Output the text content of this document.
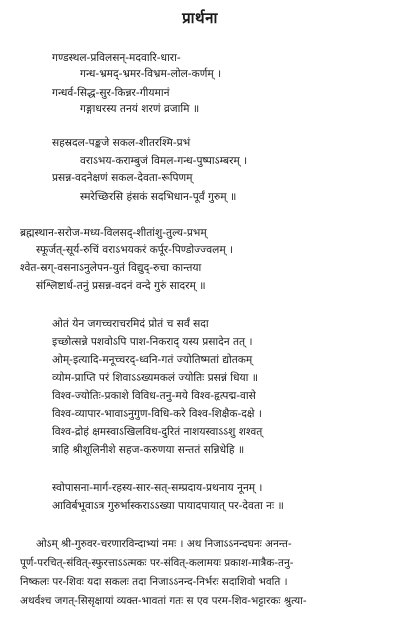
प्रार्थना
गण्डस्थल-प्रविलसन्-मदवारि-धारा-
गन्ध-भ्रमद्-भ्रमर-विभ्रम-लोल-कर्णम् ।
गन्धर्व-सिद्ध-सुर-किन्नर-गीयमानं
गङ्गाधरस्य तनयं शरणं व्रजामि ॥
सहस्रदल-पङ्कजे सकल-शीतरश्मि-प्रभं
वराऽभय-कराम्बुजं विमल-गन्ध-पुष्पाऽम्बरम् ।
प्रसन्न-वदनेक्षणं सकल-देवता-रूपिणम्
स्मरेच्छिरसि हंसकं सदभिधान-पूर्वं गुरुम् ॥
ब्रह्मस्थान-सरोज-मध्य-विलसद्-शीतांशु-तुल्य-प्रभम्
स्फूर्जत्-सूर्य-रुचिं वराऽभयकरं कर्पूर-पिण्डोज्ज्वलम् ।
श्वेत-स्रग्-वसनाऽनुलेपन-युतं विद्युद्-रुचा कान्तया
संश्लिष्टार्ध-तनुं प्रसन्न-वदनं वन्दे गुरुं सादरम् ॥
ओतं येन जगच्चराचरमिदं प्रोतं च सर्वं सदा
इच्छोत्सन्ने पशवोऽपि पाश-निकराद् यस्य प्रसादेन तत् ।
ओम्-इत्यादि-मनूच्चरद्-ध्वनि-गतं ज्योतिष्मतां द्योतकम्
व्योम-प्राप्ति परं शिवाऽऽख्यमकलं ज्योतिः प्रसन्नं धिया ॥
विश्व-ज्योतिः-प्रकाशे विविध-तनु-मये विश्व-हृत्पद्म-वासे
विश्व-व्यापार-भावाऽनुगुण-विधि-करे विश्व-शिक्षैक-दक्षे ।
विश्व-द्रोहं क्षमस्वाऽखिलविध-दुरितं नाशयस्वाऽऽशु शश्वत्
त्राहि श्रीशूलिनीशे सहज-करुणया सन्ततं सन्निधेहि ॥
स्वोपासना-मार्ग-रहस्य-सार-सत्-सम्प्रदाय-प्रथनाय नूनम् ।
आविर्बभूवाऽत्र गुरुर्भास्कराऽऽख्या पायादपायात् पर-देवता नः ॥
ओऽम् श्री-गुरुवर-चरणारविन्दाभ्यां नमः । अथ निजाऽऽनन्दघनः अनन्त-
पूर्ण-परचित्-संवित्-स्फुरत्ताऽऽत्मकः पर-संवित्-कलामयः प्रकाश-मात्रैक-तनु-
निष्कलः पर-शिवः यदा सकलः तदा निजाऽऽनन्द-निर्भरः सदाशिवो भवति ।
अथर्वश्च जगत्-सिसृक्षायां व्यक्त-भावतां गतः स एव परम-शिव-भट्टारकः श्रुत्या-
